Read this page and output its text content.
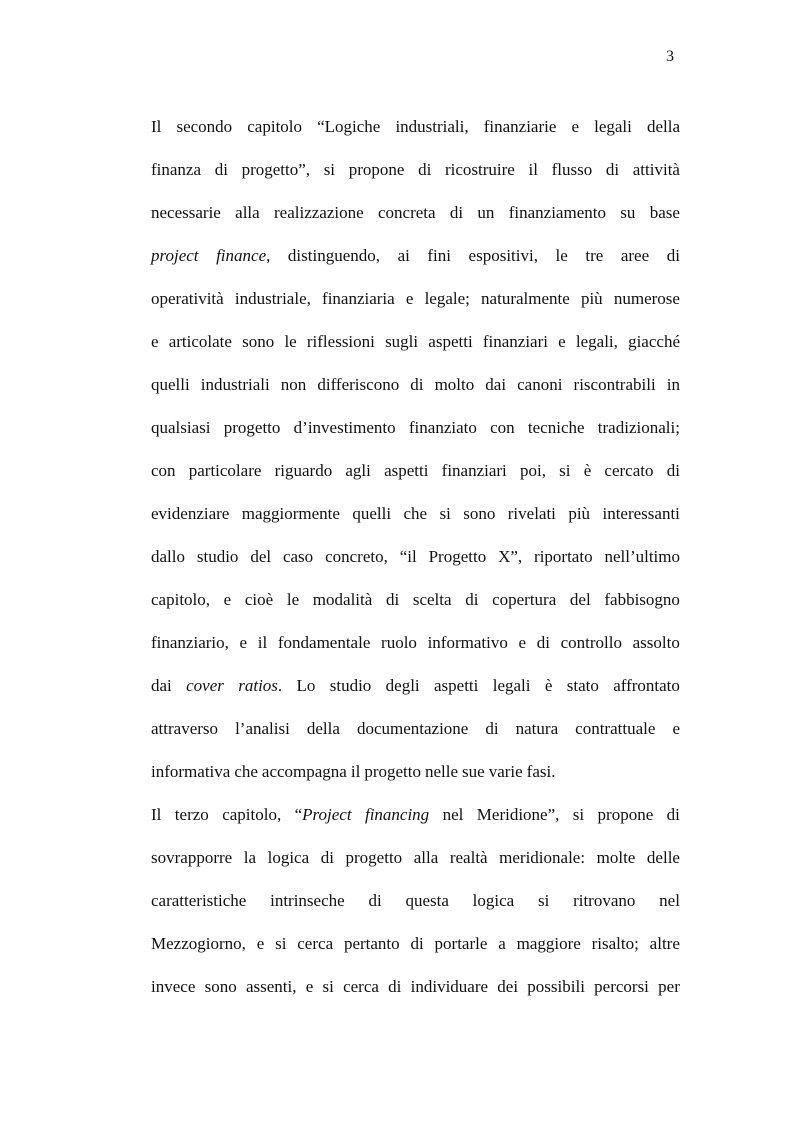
3
Il secondo capitolo “Logiche industriali, finanziarie e legali della
finanza di progetto”, si propone di ricostruire il flusso di attività
necessarie alla realizzazione concreta di un finanziamento su base
project finance, distinguendo, ai fini espositivi, le tre aree di
operatività industriale, finanziaria e legale; naturalmente più numerose
e articolate sono le riflessioni sugli aspetti finanziari e legali, giacché
quelli industriali non differiscono di molto dai canoni riscontrabili in
qualsiasi progetto d’investimento finanziato con tecniche tradizionali;
con particolare riguardo agli aspetti finanziari poi, si è cercato di
evidenziare maggiormente quelli che si sono rivelati più interessanti
dallo studio del caso concreto, “il Progetto X”, riportato nell’ultimo
capitolo, e cioè le modalità di scelta di copertura del fabbisogno
finanziario, e il fondamentale ruolo informativo e di controllo assolto
dai cover ratios. Lo studio degli aspetti legali è stato affrontato
attraverso l’analisi della documentazione di natura contrattuale e
informativa che accompagna il progetto nelle sue varie fasi.
Il terzo capitolo, “Project financing nel Meridione”, si propone di
sovrapporre la logica di progetto alla realtà meridionale: molte delle
caratteristiche intrinseche di questa logica si ritrovano nel
Mezzogiorno, e si cerca pertanto di portarle a maggiore risalto; altre
invece sono assenti, e si cerca di individuare dei possibili percorsi per
